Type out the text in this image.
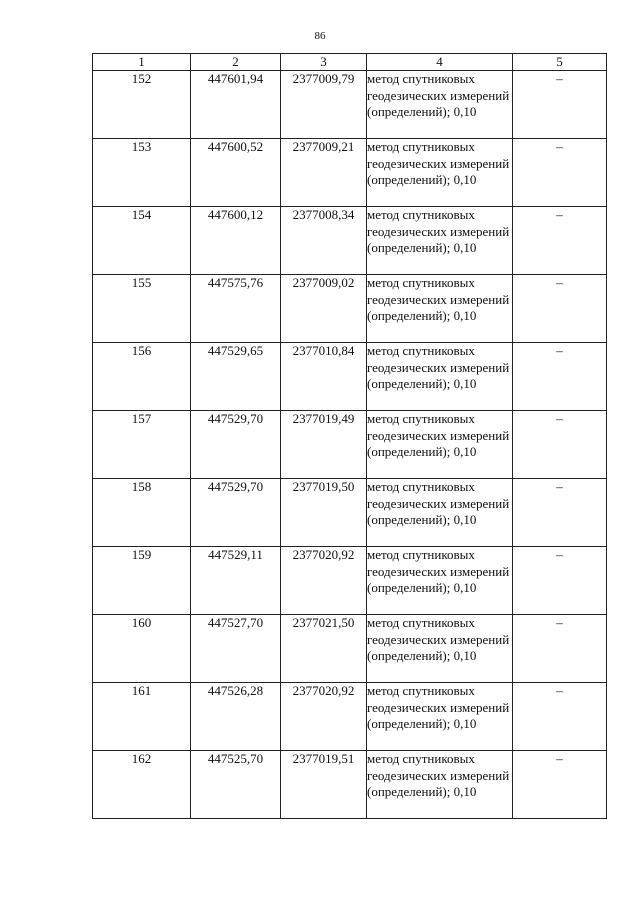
86
1	2	3	4	5
152	447601,94	2377009,79	метод спутниковых геодезических измерений (определений); 0,10	–
153	447600,52	2377009,21	метод спутниковых геодезических измерений (определений); 0,10	–
154	447600,12	2377008,34	метод спутниковых геодезических измерений (определений); 0,10	–
155	447575,76	2377009,02	метод спутниковых геодезических измерений (определений); 0,10	–
156	447529,65	2377010,84	метод спутниковых геодезических измерений (определений); 0,10	–
157	447529,70	2377019,49	метод спутниковых геодезических измерений (определений); 0,10	–
158	447529,70	2377019,50	метод спутниковых геодезических измерений (определений); 0,10	–
159	447529,11	2377020,92	метод спутниковых геодезических измерений (определений); 0,10	–
160	447527,70	2377021,50	метод спутниковых геодезических измерений (определений); 0,10	–
161	447526,28	2377020,92	метод спутниковых геодезических измерений (определений); 0,10	–
162	447525,70	2377019,51	метод спутниковых геодезических измерений (определений); 0,10	–
